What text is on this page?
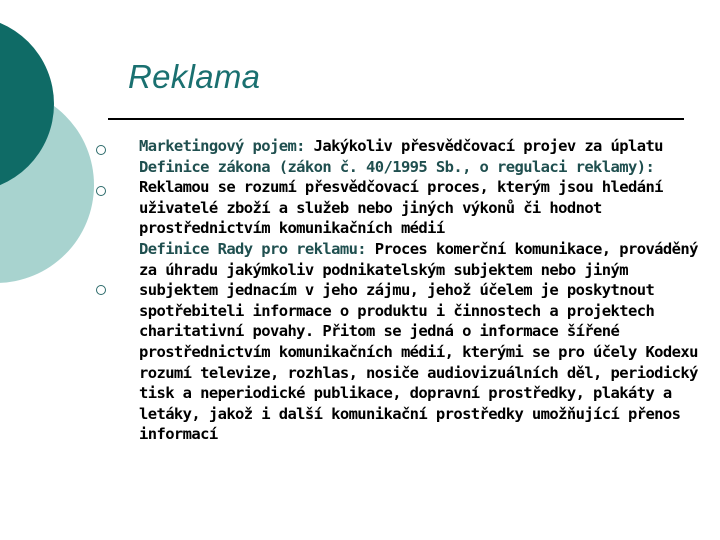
Reklama

Marketingový pojem: Jakýkoliv přesvědčovací projev za úplatu

Definice zákona (zákon č. 40/1995 Sb., o regulaci reklamy): Reklamou se rozumí přesvědčovací proces, kterým jsou hledání uživatelé zboží a služeb nebo jiných výkonů či hodnot prostřednictvím komunikačních médií

Definice Rady pro reklamu: Proces komerční komunikace, prováděný za úhradu jakýmkoliv podnikatelským subjektem nebo jiným subjektem jednacím v jeho zájmu, jehož účelem je poskytnout spotřebiteli informace o produktu i činnostech a projektech charitativní povahy. Přitom se jedná o informace šířené prostřednictvím komunikačních médií, kterými se pro účely Kodexu rozumí televize, rozhlas, nosiče audiovizuálních děl, periodický tisk a neperiodické publikace, dopravní prostředky, plakáty a letáky, jakož i další komunikační prostředky umožňující přenos informací
